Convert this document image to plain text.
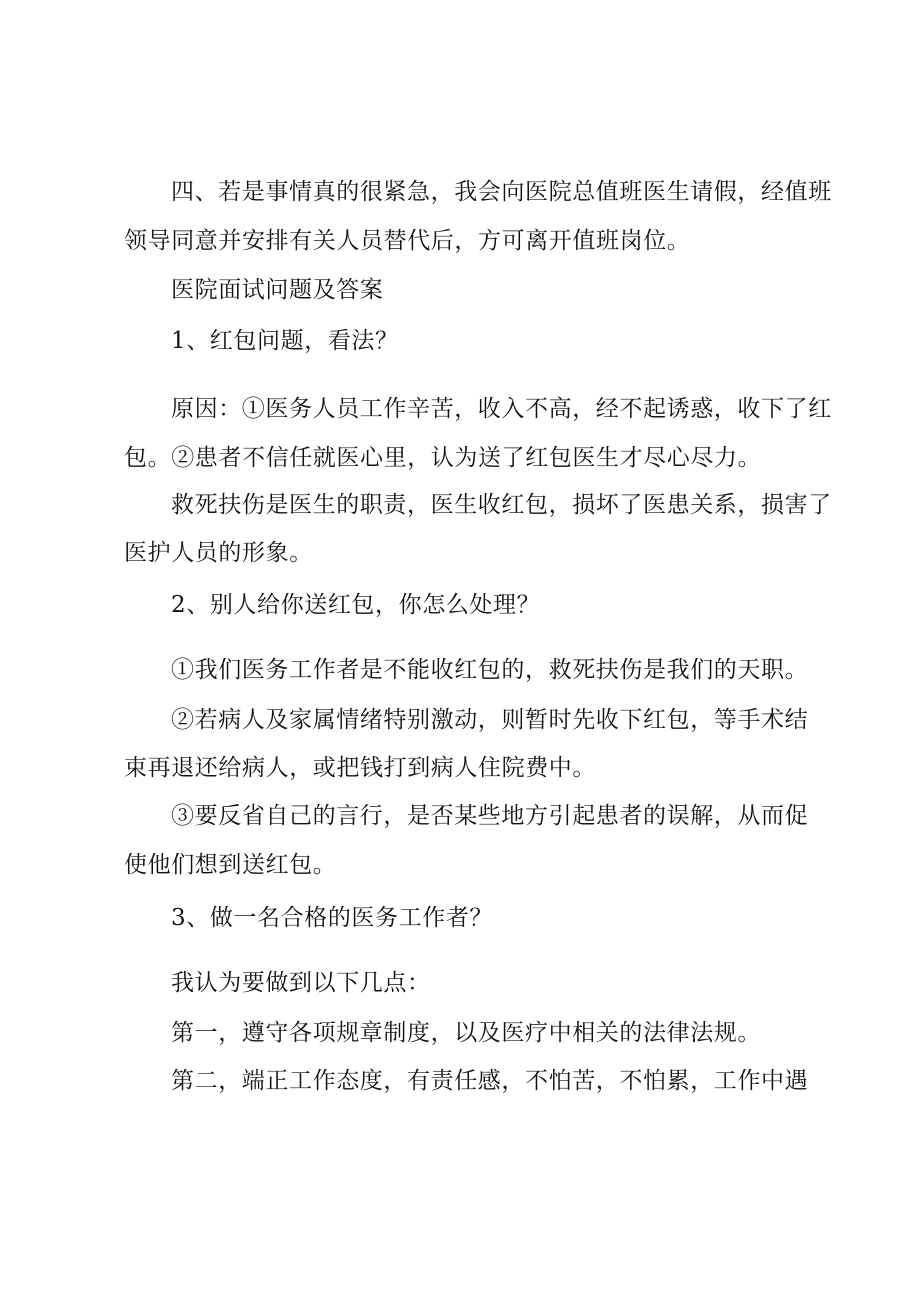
四、若是事情真的很紧急，我会向医院总值班医生请假，经值班
领导同意并安排有关人员替代后，方可离开值班岗位。
医院面试问题及答案
1、红包问题，看法？
原因：①医务人员工作辛苦，收入不高，经不起诱惑，收下了红
包。②患者不信任就医心里，认为送了红包医生才尽心尽力。
救死扶伤是医生的职责，医生收红包，损坏了医患关系，损害了
医护人员的形象。
2、别人给你送红包，你怎么处理？
①我们医务工作者是不能收红包的，救死扶伤是我们的天职。
②若病人及家属情绪特别激动，则暂时先收下红包，等手术结
束再退还给病人，或把钱打到病人住院费中。
③要反省自己的言行，是否某些地方引起患者的误解，从而促
使他们想到送红包。
3、做一名合格的医务工作者？
我认为要做到以下几点：
第一，遵守各项规章制度，以及医疗中相关的法律法规。
第二，端正工作态度，有责任感，不怕苦，不怕累，工作中遇
